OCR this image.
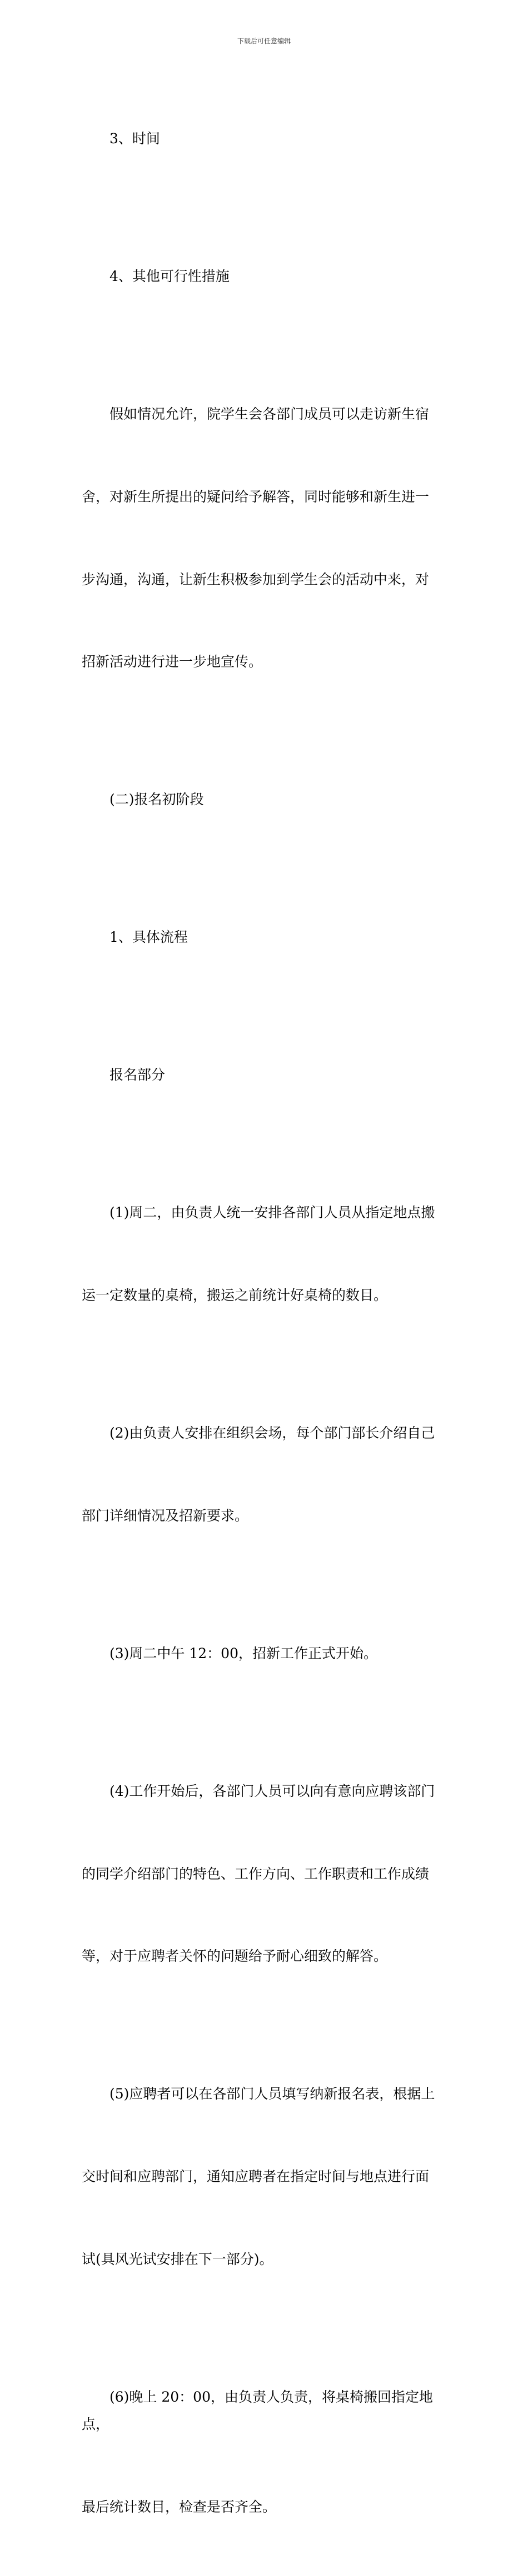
下载后可任意编辑

3、时间

4、其他可行性措施

假如情况允许，院学生会各部门成员可以走访新生宿

舍，对新生所提出的疑问给予解答，同时能够和新生进一

步沟通，沟通，让新生积极参加到学生会的活动中来，对

招新活动进行进一步地宣传。

(二)报名初阶段

1、具体流程

报名部分

(1)周二，由负责人统一安排各部门人员从指定地点搬

运一定数量的桌椅，搬运之前统计好桌椅的数目。

(2)由负责人安排在组织会场，每个部门部长介绍自己

部门详细情况及招新要求。

(3)周二中午 12：00，招新工作正式开始。

(4)工作开始后，各部门人员可以向有意向应聘该部门

的同学介绍部门的特色、工作方向、工作职责和工作成绩

等，对于应聘者关怀的问题给予耐心细致的解答。

(5)应聘者可以在各部门人员填写纳新报名表，根据上

交时间和应聘部门，通知应聘者在指定时间与地点进行面

试(具风光试安排在下一部分)。

(6)晚上 20：00，由负责人负责，将桌椅搬回指定地点，

最后统计数目，检查是否齐全。
